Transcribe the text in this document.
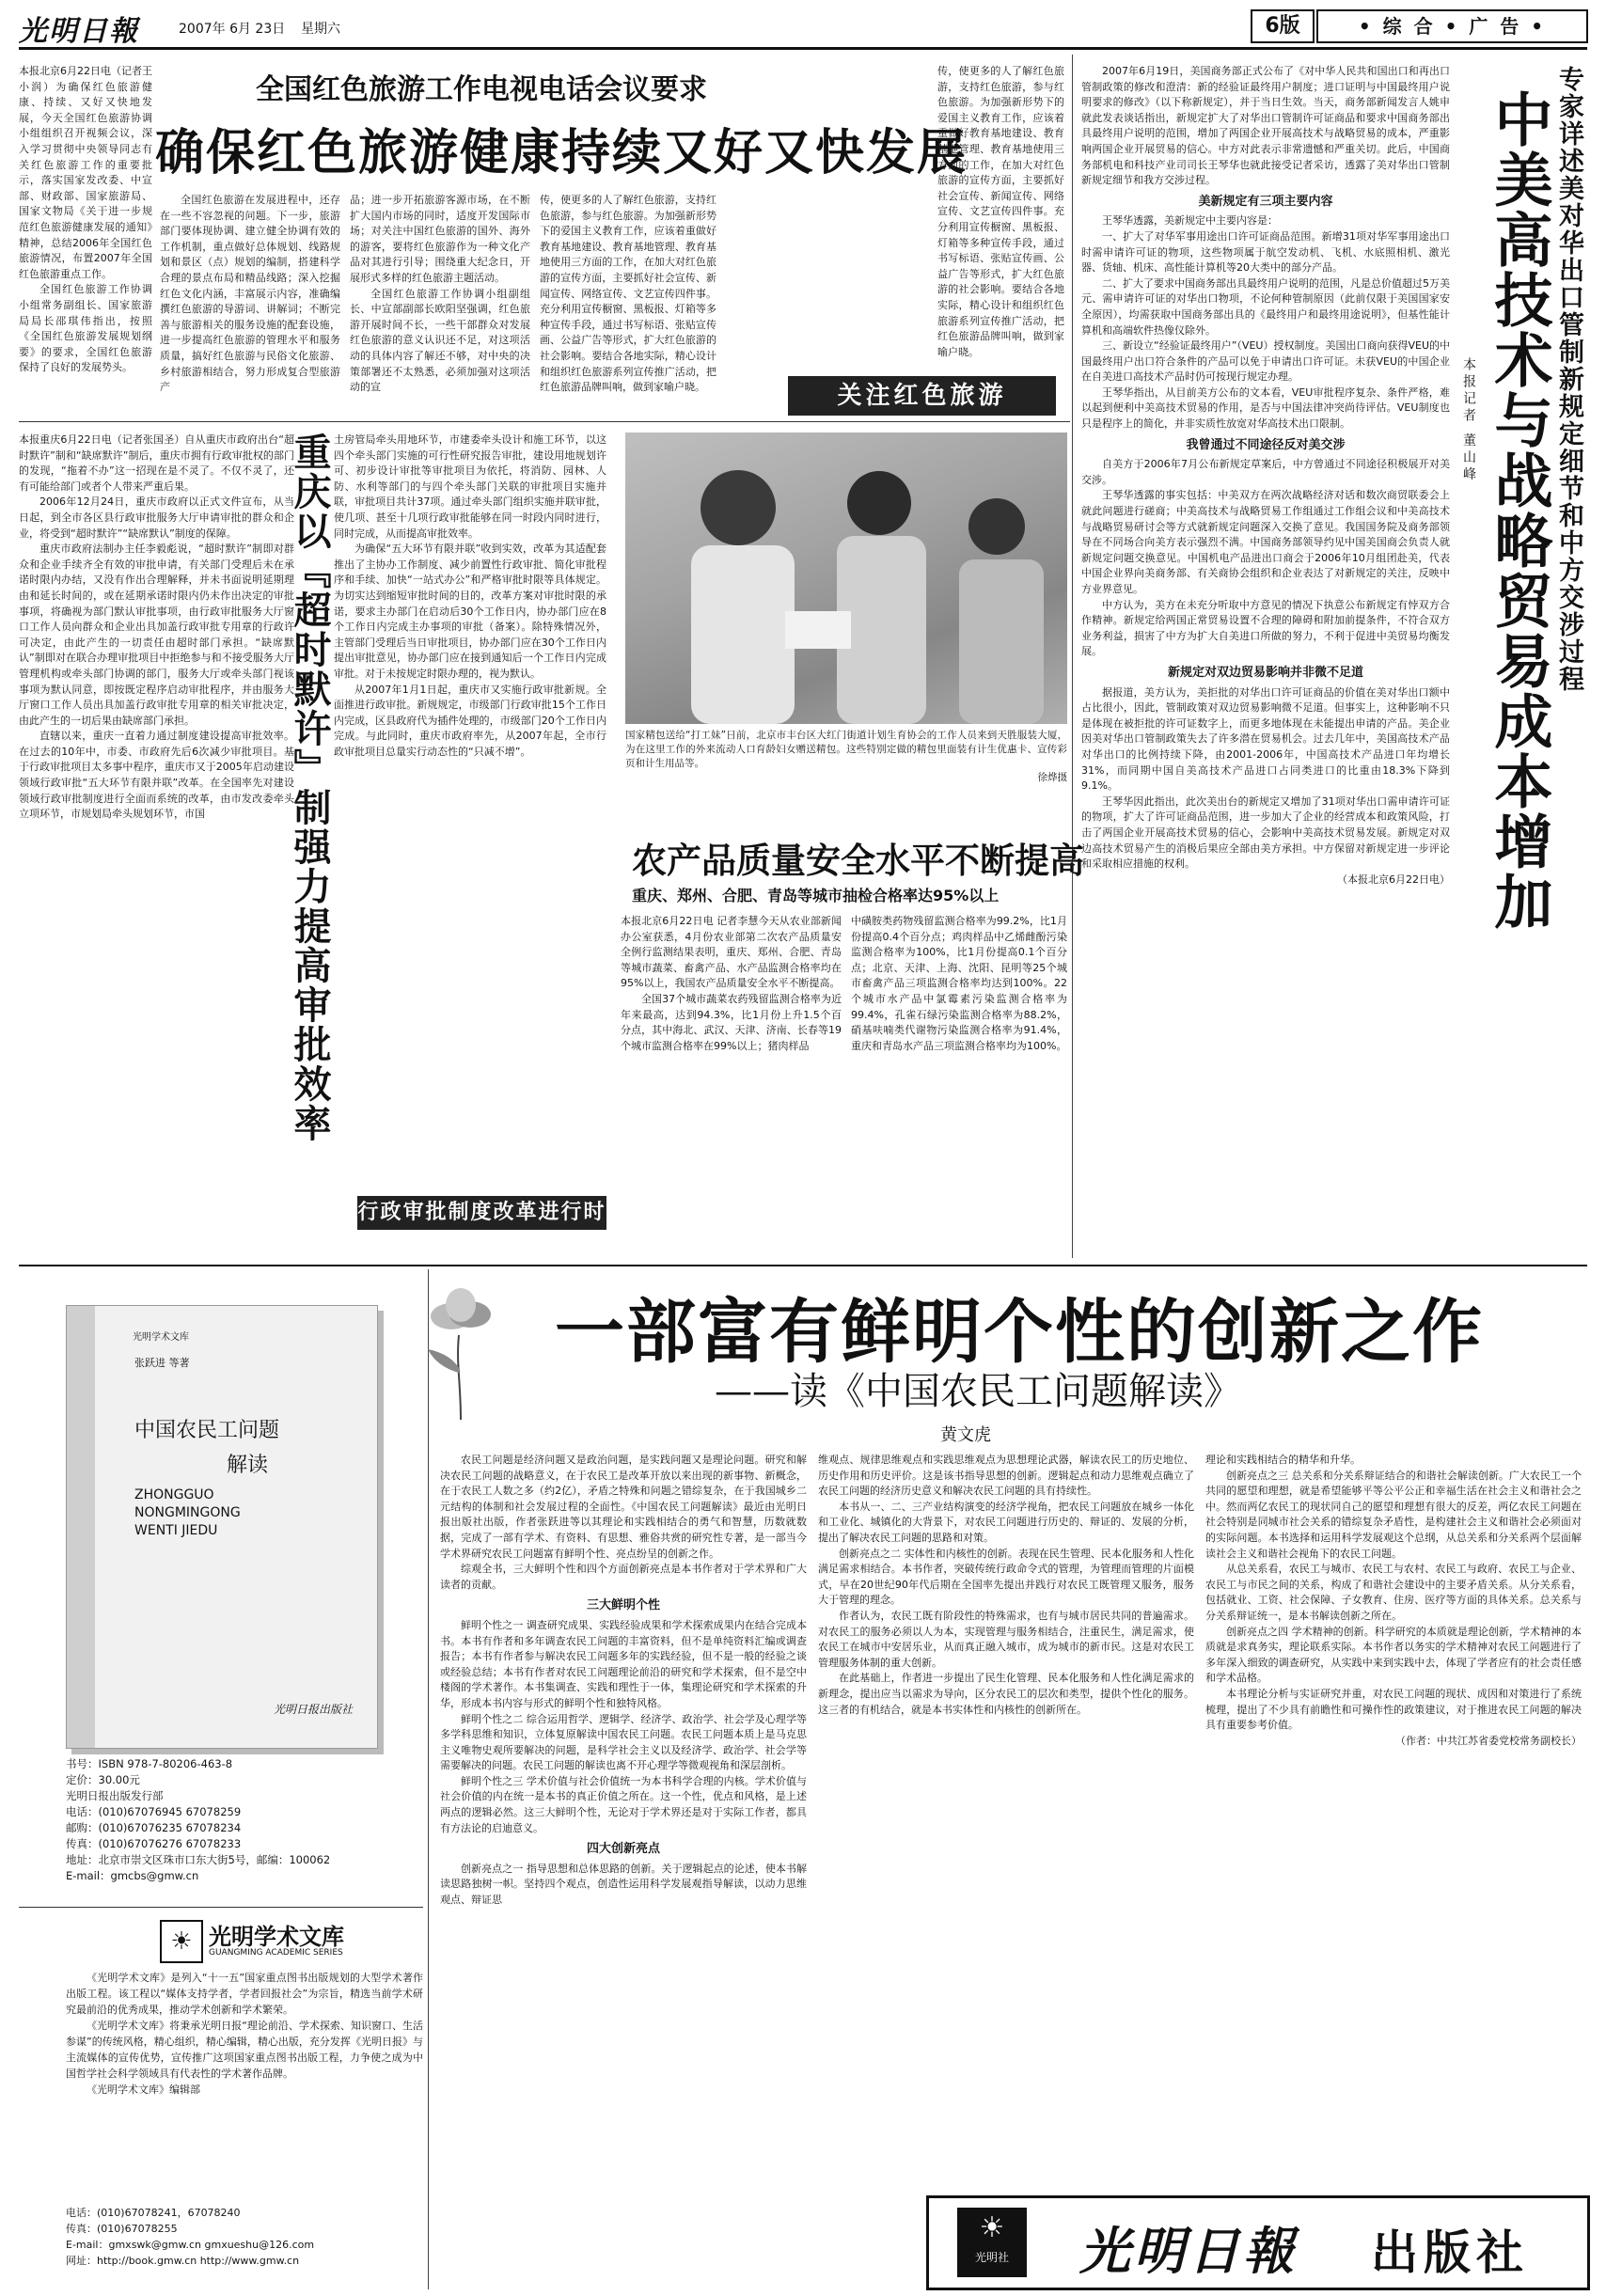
光明日報	2007年 6月 23日 星期六	6版	• 综 合 • 广 告 •
全国红色旅游工作电视电话会议要求
确保红色旅游健康持续又好又快发展

本报北京6月22日电（记者王小润）为确保红色旅游健康、持续、又好又快地发展，今天全国红色旅游协调小组组织召开视频会议，深入学习贯彻中央领导同志有关红色旅游工作的重要批示，落实国家发改委、中宣部、财政部、国家旅游局、国家文物局《关于进一步规范红色旅游健康发展的通知》精神，总结2006年全国红色旅游情况，布置2007年全国红色旅游重点工作。

全国红色旅游工作协调小组常务副组长、国家旅游局局长邵琪伟指出，按照《全国红色旅游发展规划纲要》的要求，全国红色旅游保持了良好的发展势头。

全国红色旅游在发展进程中，还存在一些不容忽视的问题。下一步，旅游部门要体现协调、建立健全协调有效的工作机制，重点做好总体规划、线路规划和景区（点）规划的编制，搭建科学合理的景点布局和精品线路；深入挖掘红色文化内涵，丰富展示内容，准确编撰红色旅游的导游词、讲解词；不断完善与旅游相关的服务设施的配套设施，进一步提高红色旅游的管理水平和服务质量，搞好红色旅游与民俗文化旅游、乡村旅游相结合，努力形成复合型旅游产

品；进一步开拓旅游客源市场，在不断扩大国内市场的同时，适度开发国际市场；对关注中国红色旅游的国外、海外的游客，要将红色旅游作为一种文化产品对其进行引导；围绕重大纪念日，开展形式多样的红色旅游主题活动。

全国红色旅游工作协调小组副组长、中宣部副部长欧阳坚强调，红色旅游开展时间不长，一些干部群众对发展红色旅游的意义认识还不足，对这项活动的具体内容了解还不够，对中央的决策部署还不太熟悉，必须加强对这项活动的宣

传，使更多的人了解红色旅游，支持红色旅游，参与红色旅游。为加强新形势下的爱国主义教育工作，应该着重做好教育基地建设、教育基地管理、教育基地使用三方面的工作，在加大对红色旅游的宣传方面，主要抓好社会宣传、新闻宣传、网络宣传、文艺宣传四件事。充分利用宣传橱窗、黑板报、灯箱等多种宣传手段，通过书写标语、张贴宣传画、公益广告等形式，扩大红色旅游的社会影响。要结合各地实际，精心设计和组织红色旅游系列宣传推广活动，把红色旅游品牌叫响，做到家喻户晓。

传，使更多的人了解红色旅游，支持红色旅游，参与红色旅游。为加强新形势下的爱国主义教育工作，应该着重做好教育基地建设、教育基地管理、教育基地使用三方面的工作，在加大对红色旅游的宣传方面，主要抓好社会宣传、新闻宣传、网络宣传、文艺宣传四件事。充分利用宣传橱窗、黑板报、灯箱等多种宣传手段，通过书写标语、张贴宣传画、公益广告等形式，扩大红色旅游的社会影响。要结合各地实际，精心设计和组织红色旅游系列宣传推广活动，把红色旅游品牌叫响，做到家喻户晓。

关注红色旅游

2007年6月19日，美国商务部正式公布了《对中华人民共和国出口和再出口管制政策的修改和澄清：新的经验证最终用户制度；进口证明与中国最终用户说明要求的修改》（以下称新规定），并于当日生效。当天，商务部新闻发言人姚申就此发表谈话指出，新规定扩大了对华出口管制许可证商品和要求中国商务部出具最终用户说明的范围，增加了两国企业开展高技术与战略贸易的成本，严重影响两国企业开展贸易的信心。中方对此表示非常遗憾和严重关切。此后，中国商务部机电和科技产业司司长王琴华也就此接受记者采访，透露了美对华出口管制新规定细节和我方交涉过程。

美新规定有三项主要内容

王琴华透露，美新规定中主要内容是：

一、扩大了对华军事用途出口许可证商品范围。新增31项对华军事用途出口时需申请许可证的物项，这些物项属于航空发动机、飞机、水底照相机、激光器、货轴、机床、高性能计算机等20大类中的部分产品。

二、扩大了要求中国商务部出具最终用户说明的范围，凡是总价值超过5万美元、需申请许可证的对华出口物项，不论何种管制原因（此前仅限于美国国家安全原因），均需获取中国商务部出具的《最终用户和最终用途说明》，但基性能计算机和高端软件热像仪除外。

三、新设立“经验证最终用户”（VEU）授权制度。美国出口商向获得VEU的中国最终用户出口符合条件的产品可以免于申请出口许可证。未获VEU的中国企业在自美进口高技术产品时仍可按现行规定办理。

王琴华指出，从目前美方公布的文本看，VEU审批程序复杂、条件严格，难以起到便利中美高技术贸易的作用，是否与中国法律冲突尚待评估。VEU制度也只是程序上的简化，并非实质性放宽对华高技术出口限制。

我曾通过不同途径反对美交涉

自美方于2006年7月公布新规定草案后，中方曾通过不同途径积极展开对美交涉。

王琴华透露的事实包括：中美双方在两次战略经济对话和数次商贸联委会上就此问题进行磋商；中美高技术与战略贸易工作组通过工作组会议和中美高技术与战略贸易研讨会等方式就新规定问题深入交换了意见。我国国务院及商务部领导在不同场合向美方表示强烈不满。中国商务部领导约见中国美国商会负责人就新规定问题交换意见。中国机电产品进出口商会于2006年10月组团赴美，代表中国企业界向美商务部、有关商协会组织和企业表达了对新规定的关注，反映中方业界意见。

中方认为，美方在未充分听取中方意见的情况下执意公布新规定有悖双方合作精神。新规定给两国正常贸易设置不合理的障碍和附加前提条件，不符合双方业务利益，损害了中方为扩大自美进口所做的努力，不利于促进中美贸易均衡发展。

新规定对双边贸易影响并非微不足道

据报道，美方认为，美拒批的对华出口许可证商品的价值在美对华出口额中占比很小，因此，管制政策对双边贸易影响微不足道。但事实上，这种影响不只是体现在被拒批的许可证数字上，而更多地体现在未能提出申请的产品。美企业因美对华出口管制政策失去了许多潜在贸易机会。过去几年中，美国高技术产品对华出口的比例持续下降，由2001-2006年，中国高技术产品进口年均增长31%，而同期中国自美高技术产品进口占同类进口的比重由18.3%下降到9.1%。

王琴华因此指出，此次美出台的新规定又增加了31项对华出口需申请许可证的物项，扩大了许可证商品范围，进一步加大了企业的经营成本和政策风险，打击了两国企业开展高技术贸易的信心，会影响中美高技术贸易发展。新规定对双边高技术贸易产生的消极后果应全部由美方承担。中方保留对新规定进一步评论和采取相应措施的权利。

（本报北京6月22日电）

本报记者 董山峰 中美高技术与战略贸易成本增加 专家详述美对华出口管制新规定细节和中方交涉过程

本报重庆6月22日电（记者张国圣）自从重庆市政府出台“超时默许”制和“缺席默许”制后，重庆市拥有行政审批权的部门的发现，“拖着不办”这一招现在是不灵了。不仅不灵了，还有可能给部门或者个人带来严重后果。

2006年12月24日，重庆市政府以正式文件宣布，从当日起，到全市各区县行政审批服务大厅申请审批的群众和企业，将受到“超时默许”“缺席默认”制度的保障。

重庆市政府法制办主任李毅彪说，“超时默许”制即对群众和企业手续齐全有效的审批申请，有关部门受理后未在承诺时限内办结，又没有作出合理解释，并未书面说明延期理由和延长时间的，或在延期承诺时限内仍未作出决定的审批事项，将确视为部门默认审批事项，由行政审批服务大厅窗口工作人员向群众和企业出具加盖行政审批专用章的行政许可决定，由此产生的一切责任由超时部门承担。“缺席默认”制即对在联合办理审批项目中拒绝参与和不接受服务大厅管理机构或牵头部门协调的部门，服务大厅或牵头部门视该事项为默认同意，即按既定程序启动审批程序，并由服务大厅窗口工作人员出具加盖行政审批专用章的相关审批决定，由此产生的一切后果由缺席部门承担。

直辖以来，重庆一直着力通过制度建设提高审批效率。在过去的10年中，市委、市政府先后6次减少审批项目。基于行政审批项目太多事中程序，重庆市又于2005年启动建设领域行政审批“五大环节有限并联”改革。在全国率先对建设领域行政审批制度进行全面而系统的改革，由市发改委牵头立项环节，市规划局牵头规划环节，市国	重庆以『超时默许』制强力提高审批效率 土房管局牵头用地环节，市建委牵头设计和施工环节，以这四个牵头部门实施的可行性研究报告审批，建设用地规划许可、初步设计审批等审批项目为依托，将消防、园林、人防、水利等部门的与四个牵头部门关联的审批项目实施并联，审批项目共计37项。通过牵头部门组织实施并联审批，使几项、甚至十几项行政审批能够在同一时段内同时进行，同时完成，从而提高审批效率。

为确保“五大环节有限并联”收到实效，改革为其适配套推出了主协办工作制度、减少前置性行政审批、简化审批程序和手续、加快“一站式办公”和严格审批时限等具体规定。为切实达到缩短审批时间的目的，改革方案对审批时限的承诺，要求主办部门在启动后30个工作日内，协办部门应在8个工作日内完成主办事项的审批（备案）。除特殊情况外，主管部门受理后当日审批项目，协办部门应在30个工作日内提出审批意见，协办部门应在接到通知后一个工作日内完成审批。对于未按规定时限办理的，视为默认。

从2007年1月1日起，重庆市又实施行政审批新规。全面推进行政审批。新规规定，市级部门行政审批15个工作日内完成，区县政府代为插件处理的，市级部门20个工作日内完成。与此同时，重庆市政府率先，从2007年起，全市行政审批项目总量实行动态性的“只减不增”。

行政审批制度改革进行时

国家精包送给“打工妹”日前，北京市丰台区大红门街道计划生育协会的工作人员来到天胜服装大厦，为在这里工作的外来流动人口育龄妇女赠送精包。这些特别定做的精包里面装有计生优惠卡、宣传彩页和计生用品等。

徐烨摄

农产品质量安全水平不断提高
重庆、郑州、合肥、青岛等城市抽检合格率达95%以上

本报北京6月22日电 记者李慧今天从农业部新闻办公室获悉，4月份农业部第二次农产品质量安全例行监测结果表明，重庆、郑州、合肥、青岛等城市蔬菜、畜禽产品、水产品监测合格率均在95%以上，我国农产品质量安全水平不断提高。

全国37个城市蔬菜农药残留监测合格率为近年来最高，达到94.3%，比1月份上升1.5个百分点，其中海北、武汉、天津、济南、长春等19个城市监测合格率在99%以上；猪肉样品

中磺胺类药物残留监测合格率为99.2%，比1月份提高0.4个百分点；鸡肉样品中乙烯雌酚污染监测合格率为100%，比1月份提高0.1个百分点；北京、天津、上海、沈阳、昆明等25个城市畜禽产品三项监测合格率均达到100%。22个城市水产品中氯霉素污染监测合格率为99.4%，孔雀石绿污染监测合格率为88.2%，硝基呋喃类代谢物污染监测合格率为91.4%，重庆和青岛水产品三项监测合格率均为100%。

光明学术文库
张跃进 等著
中国农民工问题
解读
ZHONGGUO NONGMINGONG WENTI JIEDU
光明日报出版社

书号：ISBN 978-7-80206-463-8

定价：30.00元

光明日报出版发行部

电话：(010)67076945 67078259

邮购：(010)67076235 67078234

传真：(010)67076276 67078233

地址：北京市崇文区珠市口东大街5号，邮编：100062

E-mail：gmcbs@gmw.cn

☀ 光明学术文库
GUANGMING ACADEMIC SERIES

《光明学术文库》是列入“十一五”国家重点图书出版规划的大型学术著作出版工程。该工程以“媒体支持学者，学者回报社会”为宗旨，精选当前学术研究最前沿的优秀成果，推动学术创新和学术繁荣。

《光明学术文库》将秉承光明日报“理论前沿、学术探索、知识窗口、生活参谋”的传统风格，精心组织，精心编辑，精心出版，充分发挥《光明日报》与主流媒体的宣传优势，宣传推广这项国家重点图书出版工程，力争使之成为中国哲学社会科学领域具有代表性的学术著作品牌。

《光明学术文库》编辑部

电话：(010)67078241，67078240

传真：(010)67078255

E-mail：gmxswk@gmw.cn gmxueshu@126.com

网址：http://book.gmw.cn http://www.gmw.cn

一部富有鲜明个性的创新之作
——读《中国农民工问题解读》
黄文虎

农民工问题是经济问题又是政治问题，是实践问题又是理论问题。研究和解决农民工问题的战略意义，在于农民工是改革开放以来出现的新事物、新概念，在于农民工人数之多（约2亿），矛盾之特殊和问题之错综复杂，在于我国城乡二元结构的体制和社会发展过程的全面性。《中国农民工问题解读》最近由光明日报出版社出版，作者张跃进等以其理论和实践相结合的勇气和智慧，历数就数据，完成了一部有学术、有资料、有思想、雅俗共赏的研究性专著，是一部当今学术界研究农民工问题富有鲜明个性、亮点纷呈的创新之作。

综观全书，三大鲜明个性和四个方面创新亮点是本书作者对于学术界和广大读者的贡献。

三大鲜明个性

鲜明个性之一 调查研究成果、实践经验成果和学术探索成果内在结合完成本书。本书有作者和多年调查农民工问题的丰富资料，但不是单纯资料汇编或调查报告；本书有作者参与解决农民工问题多年的实践经验，但不是一般的经验之谈或经验总结；本书有作者对农民工问题理论前沿的研究和学术探索，但不是空中楼阁的学术著作。本书集调查、实践和理性于一体，集理论研究和学术探索的升华，形成本书内容与形式的鲜明个性和独特风格。

鲜明个性之二 综合运用哲学、逻辑学、经济学、政治学、社会学及心理学等多学科思维和知识，立体复原解读中国农民工问题。农民工问题本质上是马克思主义唯物史观所要解决的问题，是科学社会主义以及经济学、政治学、社会学等需要解决的问题。农民工问题的解读也离不开心理学等微观视角和深层剖析。

鲜明个性之三 学术价值与社会价值统一为本书科学合理的内核。学术价值与社会价值的内在统一是本书的真正价值之所在。这一个性，优点和风格，是上述两点的逻辑必然。这三大鲜明个性，无论对于学术界还是对于实际工作者，都具有方法论的启迪意义。

四大创新亮点

创新亮点之一 指导思想和总体思路的创新。关于逻辑起点的论述，使本书解读思路独树一帜。坚持四个观点，创造性运用科学发展观指导解读，以动力思维观点、辩证思

维观点、规律思维观点和实践思维观点为思想理论武器，解读农民工的历史地位、历史作用和历史评价。这是该书指导思想的创新。逻辑起点和动力思维观点确立了农民工问题的经济历史意义和解决农民工问题的具有持续性。

本书从一、二、三产业结构演变的经济学视角，把农民工问题放在城乡一体化和工业化、城镇化的大背景下，对农民工问题进行历史的、辩证的、发展的分析，提出了解决农民工问题的思路和对策。

创新亮点之二 实体性和内核性的创新。表现在民生管理、民本化服务和人性化满足需求相结合。本书作者，突破传统行政命令式的管理，为管理而管理的片面模式，早在20世纪90年代后期在全国率先提出并践行对农民工既管理又服务，服务大于管理的理念。

作者认为，农民工既有阶段性的特殊需求，也有与城市居民共同的普遍需求。对农民工的服务必须以人为本，实现管理与服务相结合，注重民生，满足需求，使农民工在城市中安居乐业，从而真正融入城市，成为城市的新市民。这是对农民工管理服务体制的重大创新。

在此基础上，作者进一步提出了民生化管理、民本化服务和人性化满足需求的新理念，提出应当以需求为导向，区分农民工的层次和类型，提供个性化的服务。这三者的有机结合，就是本书实体性和内核性的创新所在。

理论和实践相结合的精华和升华。

创新亮点之三 总关系和分关系辩证结合的和谐社会解读创新。广大农民工一个共同的愿望和理想，就是希望能够平等公平公正和幸福生活在社会主义和谐社会之中。然而两亿农民工的现状同自己的愿望和理想有很大的反差，两亿农民工问题在社会特别是同城市社会关系的错综复杂矛盾性，是构建社会主义和谐社会必须面对的实际问题。本书选择和运用科学发展观这个总纲，从总关系和分关系两个层面解读社会主义和谐社会视角下的农民工问题。

从总关系看，农民工与城市、农民工与农村、农民工与政府、农民工与企业、农民工与市民之间的关系，构成了和谐社会建设中的主要矛盾关系。从分关系看，包括就业、工资、社会保障、子女教育、住房、医疗等方面的具体关系。总关系与分关系辩证统一，是本书解读创新之所在。

创新亮点之四 学术精神的创新。科学研究的本质就是理论创新，学术精神的本质就是求真务实，理论联系实际。本书作者以务实的学术精神对农民工问题进行了多年深入细致的调查研究，从实践中来到实践中去，体现了学者应有的社会责任感和学术品格。

本书理论分析与实证研究并重，对农民工问题的现状、成因和对策进行了系统梳理，提出了不少具有前瞻性和可操作性的政策建议，对于推进农民工问题的解决具有重要参考价值。

（作者：中共江苏省委党校常务副校长）

☀
光明社	光明日報 出版社
